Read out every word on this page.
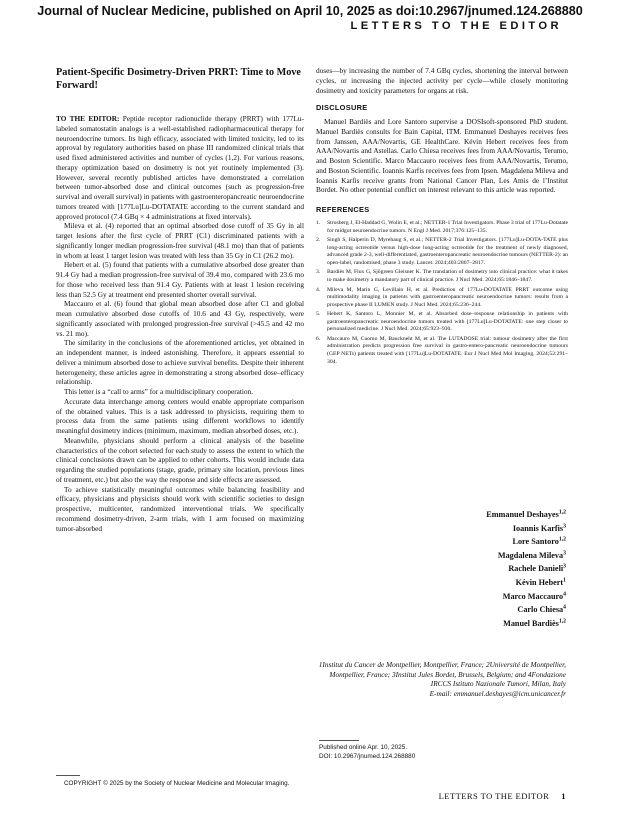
Journal of Nuclear Medicine, published on April 10, 2025 as doi:10.2967/jnumed.124.268880
LETTERS TO THE EDITOR
Patient-Specific Dosimetry-Driven PRRT: Time to Move Forward!

TO THE EDITOR: Peptide receptor radionuclide therapy (PRRT) with 177Lu-labeled somatostatin analogs is a well-established radiopharmaceutical therapy for neuroendocrine tumors. Its high efficacy, associated with limited toxicity, led to its approval by regulatory authorities based on phase III randomized clinical trials that used fixed administered activities and number of cycles (1,2). For various reasons, therapy optimization based on dosimetry is not yet routinely implemented (3). However, several recently published articles have demonstrated a correlation between tumor-absorbed dose and clinical outcomes (such as progression-free survival and overall survival) in patients with gastroenteropancreatic neuroendocrine tumors treated with [177Lu]Lu-DOTATATE according to the current standard and approved protocol (7.4 GBq × 4 administrations at fixed intervals).

Mileva et al. (4) reported that an optimal absorbed dose cutoff of 35 Gy in all target lesions after the first cycle of PRRT (C1) discriminated patients with a significantly longer median progression-free survival (48.1 mo) than that of patients in whom at least 1 target lesion was treated with less than 35 Gy in C1 (26.2 mo).

Hebert et al. (5) found that patients with a cumulative absorbed dose greater than 91.4 Gy had a median progression-free survival of 39.4 mo, compared with 23.6 mo for those who received less than 91.4 Gy. Patients with at least 1 lesion receiving less than 52.5 Gy at treatment end presented shorter overall survival.

Maccauro et al. (6) found that global mean absorbed dose after C1 and global mean cumulative absorbed dose cutoffs of 10.6 and 43 Gy, respectively, were significantly associated with prolonged progression-free survival (>45.5 and 42 mo vs. 21 mo).

The similarity in the conclusions of the aforementioned articles, yet obtained in an independent manner, is indeed astonishing. Therefore, it appears essential to deliver a minimum absorbed dose to achieve survival benefits. Despite their inherent heterogeneity, these articles agree in demonstrating a strong absorbed dose–efficacy relationship.

This letter is a “call to arms” for a multidisciplinary cooperation.

Accurate data interchange among centers would enable appropriate comparison of the obtained values. This is a task addressed to physicists, requiring them to process data from the same patients using different workflows to identify meaningful dosimetry indices (minimum, maximum, median absorbed doses, etc.).

Meanwhile, physicians should perform a clinical analysis of the baseline characteristics of the cohort selected for each study to assess the extent to which the clinical conclusions drawn can be applied to other cohorts. This would include data regarding the studied populations (stage, grade, primary site location, previous lines of treatment, etc.) but also the way the response and side effects are assessed.

To achieve statistically meaningful outcomes while balancing feasibility and efficacy, physicians and physicists should work with scientific societies to design prospective, multicenter, randomized interventional trials. We specifically recommend dosimetry-driven, 2-arm trials, with 1 arm focused on maximizing tumor-absorbed

doses—by increasing the number of 7.4 GBq cycles, shortening the interval between cycles, or increasing the injected activity per cycle—while closely monitoring dosimetry and toxicity parameters for organs at risk.

DISCLOSURE

Manuel Bardiès and Lore Santoro supervise a DOSIsoft-sponsored PhD student. Manuel Bardiès consults for Bain Capital, ITM. Emmanuel Deshayes receives fees from Janssen, AAA/Novartis, GE HealthCare. Kévin Hebert receives fees from AAA/Novartis and Astellas. Carlo Chiesa receives fees from AAA/Novartis, Terumo, and Boston Scientific. Marco Maccauro receives fees from AAA/Novartis, Terumo, and Boston Scientific. Ioannis Karfis receives fees from Ipsen. Magdalena Mileva and Ioannis Karfis receive grants from National Cancer Plan, Les Amis de l’Institut Bordet. No other potential conflict on interest relevant to this article was reported.

REFERENCES
1. Strosberg J, El-Haddad G, Wolin E, et al.; NETTER-1 Trial Investigators. Phase 3 trial of 177Lu-Dotatate for midgut neuroendocrine tumors. N Engl J Med. 2017;376:125–135.
2. Singh S, Halperin D, Myrehaug S, et al.; NETTER-2 Trial Investigators. [177Lu]Lu-DOTA-TATE plus long-acting octreotide versus high-dose long-acting octreotide for the treatment of newly diagnosed, advanced grade 2-3, well-differentiated, gastroenteropancreatic neuroendocrine tumours (NETTER-2): an open-label, randomised, phase 3 study. Lancet. 2024;403:2807–2817.
3. Bardiès M, Flux G, Sjögreen Gleisner K. The translation of dosimetry into clinical practice: what it takes to make dosimetry a mandatory part of clinical practice. J Nucl Med. 2024;65:1846–1847.
4. Mileva M, Marin G, Levillain H, et al. Prediction of 177Lu-DOTATATE PRRT outcome using multimodality imaging in patients with gastroenteropancreatic neuroendocrine tumors: results from a prospective phase II LUMEN study. J Nucl Med. 2024;65:236–244.
5. Hebert K, Santoro L, Monnier M, et al. Absorbed dose–response relationship in patients with gastroenteropancreatic neuroendocrine tumors treated with [177Lu]Lu-DOTATATE: one step closer to personalized medicine. J Nucl Med. 2024;65:923–930.
6. Maccauro M, Cuomo M, Bauckneht M, et al. The LUTADOSE trial: tumour dosimetry after the first administration predicts progression free survival in gastro-entero-pancreatic neuroendocrine tumours (GEP NETs) patients treated with [177Lu]Lu-DOTATATE. Eur J Nucl Med Mol Imaging. 2024;52:291–304.
Emmanuel Deshayes$^{1,2}$
Ioannis Karfis$^3$
Lore Santoro$^{1,2}$
Magdalena Mileva$^3$
Rachele Danieli$^3$
Kévin Hebert$^1$
Marco Maccauro$^4$
Carlo Chiesa$^4$
Manuel Bardiès$^{1,2}$
1Institut du Cancer de Montpellier, Montpellier, France; 2Université de Montpellier, Montpellier, France; 3Institut Jules Bordet, Brussels, Belgium; and 4Fondazione IRCCS Istituto Nazionale Tumori, Milan, Italy
E-mail: emmanuel.deshayes@icm.unicancer.fr
Published online Apr. 10, 2025.
DOI: 10.2967/jnumed.124.268880
COPYRIGHT © 2025 by the Society of Nuclear Medicine and Molecular Imaging.
LETTERS TO THE EDITOR 1
